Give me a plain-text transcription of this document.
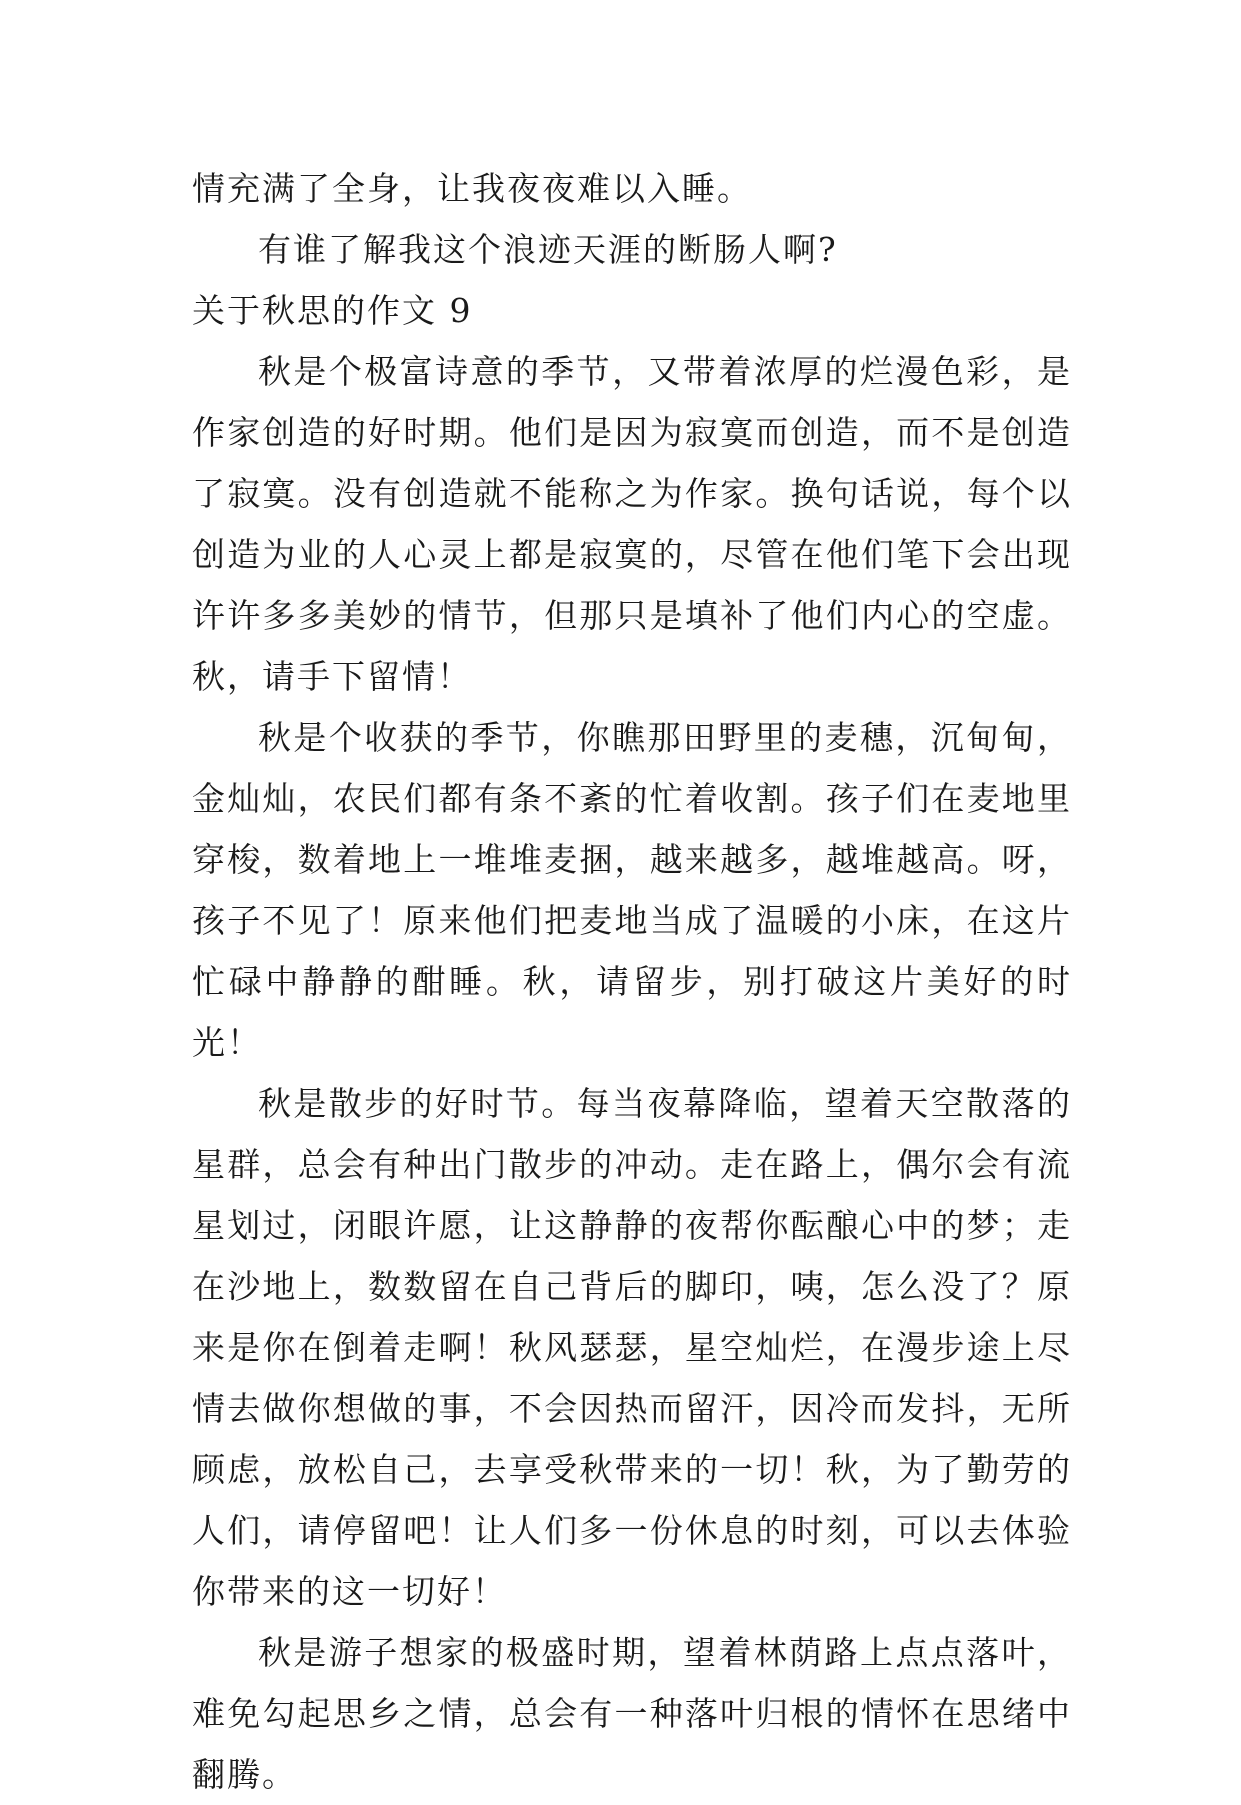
情充满了全身，让我夜夜难以入睡。

有谁了解我这个浪迹天涯的断肠人啊?

关于秋思的作文 9

秋是个极富诗意的季节，又带着浓厚的烂漫色彩，是作家创造的好时期。他们是因为寂寞而创造，而不是创造了寂寞。没有创造就不能称之为作家。换句话说，每个以创造为业的人心灵上都是寂寞的，尽管在他们笔下会出现许许多多美妙的情节，但那只是填补了他们内心的空虚。秋，请手下留情！

秋是个收获的季节，你瞧那田野里的麦穗，沉甸甸，金灿灿，农民们都有条不紊的忙着收割。孩子们在麦地里穿梭，数着地上一堆堆麦捆，越来越多，越堆越高。呀，孩子不见了！原来他们把麦地当成了温暖的小床，在这片忙碌中静静的酣睡。秋，请留步，别打破这片美好的时光！

秋是散步的好时节。每当夜幕降临，望着天空散落的星群，总会有种出门散步的冲动。走在路上，偶尔会有流星划过，闭眼许愿，让这静静的夜帮你酝酿心中的梦；走在沙地上，数数留在自己背后的脚印，咦，怎么没了？原来是你在倒着走啊！秋风瑟瑟，星空灿烂，在漫步途上尽情去做你想做的事，不会因热而留汗，因冷而发抖，无所顾虑，放松自己，去享受秋带来的一切！秋，为了勤劳的人们，请停留吧！让人们多一份休息的时刻，可以去体验你带来的这一切好！

秋是游子想家的极盛时期，望着林荫路上点点落叶，难免勾起思乡之情，总会有一种落叶归根的情怀在思绪中翻腾。
